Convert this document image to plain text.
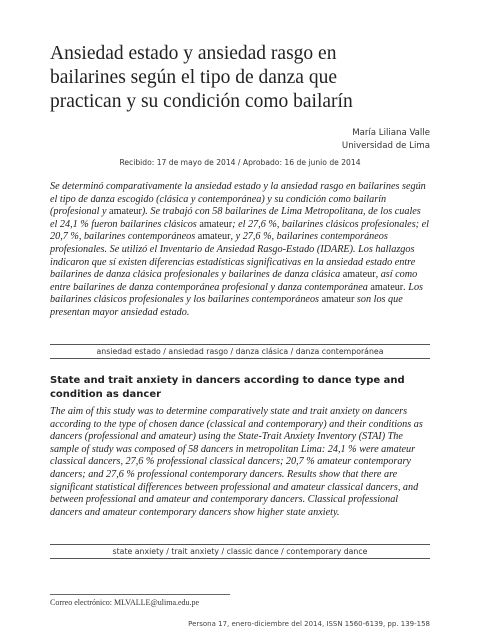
Ansiedad estado y ansiedad rasgo en bailarines según el tipo de danza que practican y su condición como bailarín
María Liliana Valle
Universidad de Lima
Recibido: 17 de mayo de 2014 / Aprobado: 16 de junio de 2014

Se determinó comparativamente la ansiedad estado y la ansiedad rasgo en bailarines según el tipo de danza escogido (clásica y contemporánea) y su condición como bailarín (profesional y amateur). Se trabajó con 58 bailarines de Lima Metropolitana, de los cuales el 24,1 % fueron bailarines clásicos amateur; el 27,6 %, bailarines clásicos profesionales; el 20,7 %, bailarines contemporáneos amateur, y 27,6 %, bailarines contemporáneos profesionales. Se utilizó el Inventario de Ansiedad Rasgo-Estado (IDARE). Los hallazgos indicaron que sí existen diferencias estadísticas significativas en la ansiedad estado entre bailarines de danza clásica profesionales y bailarines de danza clásica amateur, así como entre bailarines de danza contemporánea profesional y danza contemporánea amateur. Los bailarines clásicos profesionales y los bailarines contemporáneos amateur son los que presentan mayor ansiedad estado.

ansiedad estado / ansiedad rasgo / danza clásica / danza contemporánea
State and trait anxiety in dancers according to dance type and condition as dancer

The aim of this study was to determine comparatively state and trait anxiety on dancers according to the type of chosen dance (classical and contemporary) and their conditions as dancers (professional and amateur) using the State-Trait Anxiety Inventory (STAI) The sample of study was composed of 58 dancers in metropolitan Lima: 24,1 % were amateur classical dancers, 27,6 % professional classical dancers; 20,7 % amateur contemporary dancers; and 27,6 % professional contemporary dancers. Results show that there are significant statistical differences between professional and amateur classical dancers, and between professional and amateur and contemporary dancers. Classical professional dancers and amateur contemporary dancers show higher state anxiety.

state anxiety / trait anxiety / classic dance / contemporary dance
Correo electrónico: MLVALLE@ulima.edu.pe
Persona 17, enero-diciembre del 2014, ISSN 1560-6139, pp. 139-158
